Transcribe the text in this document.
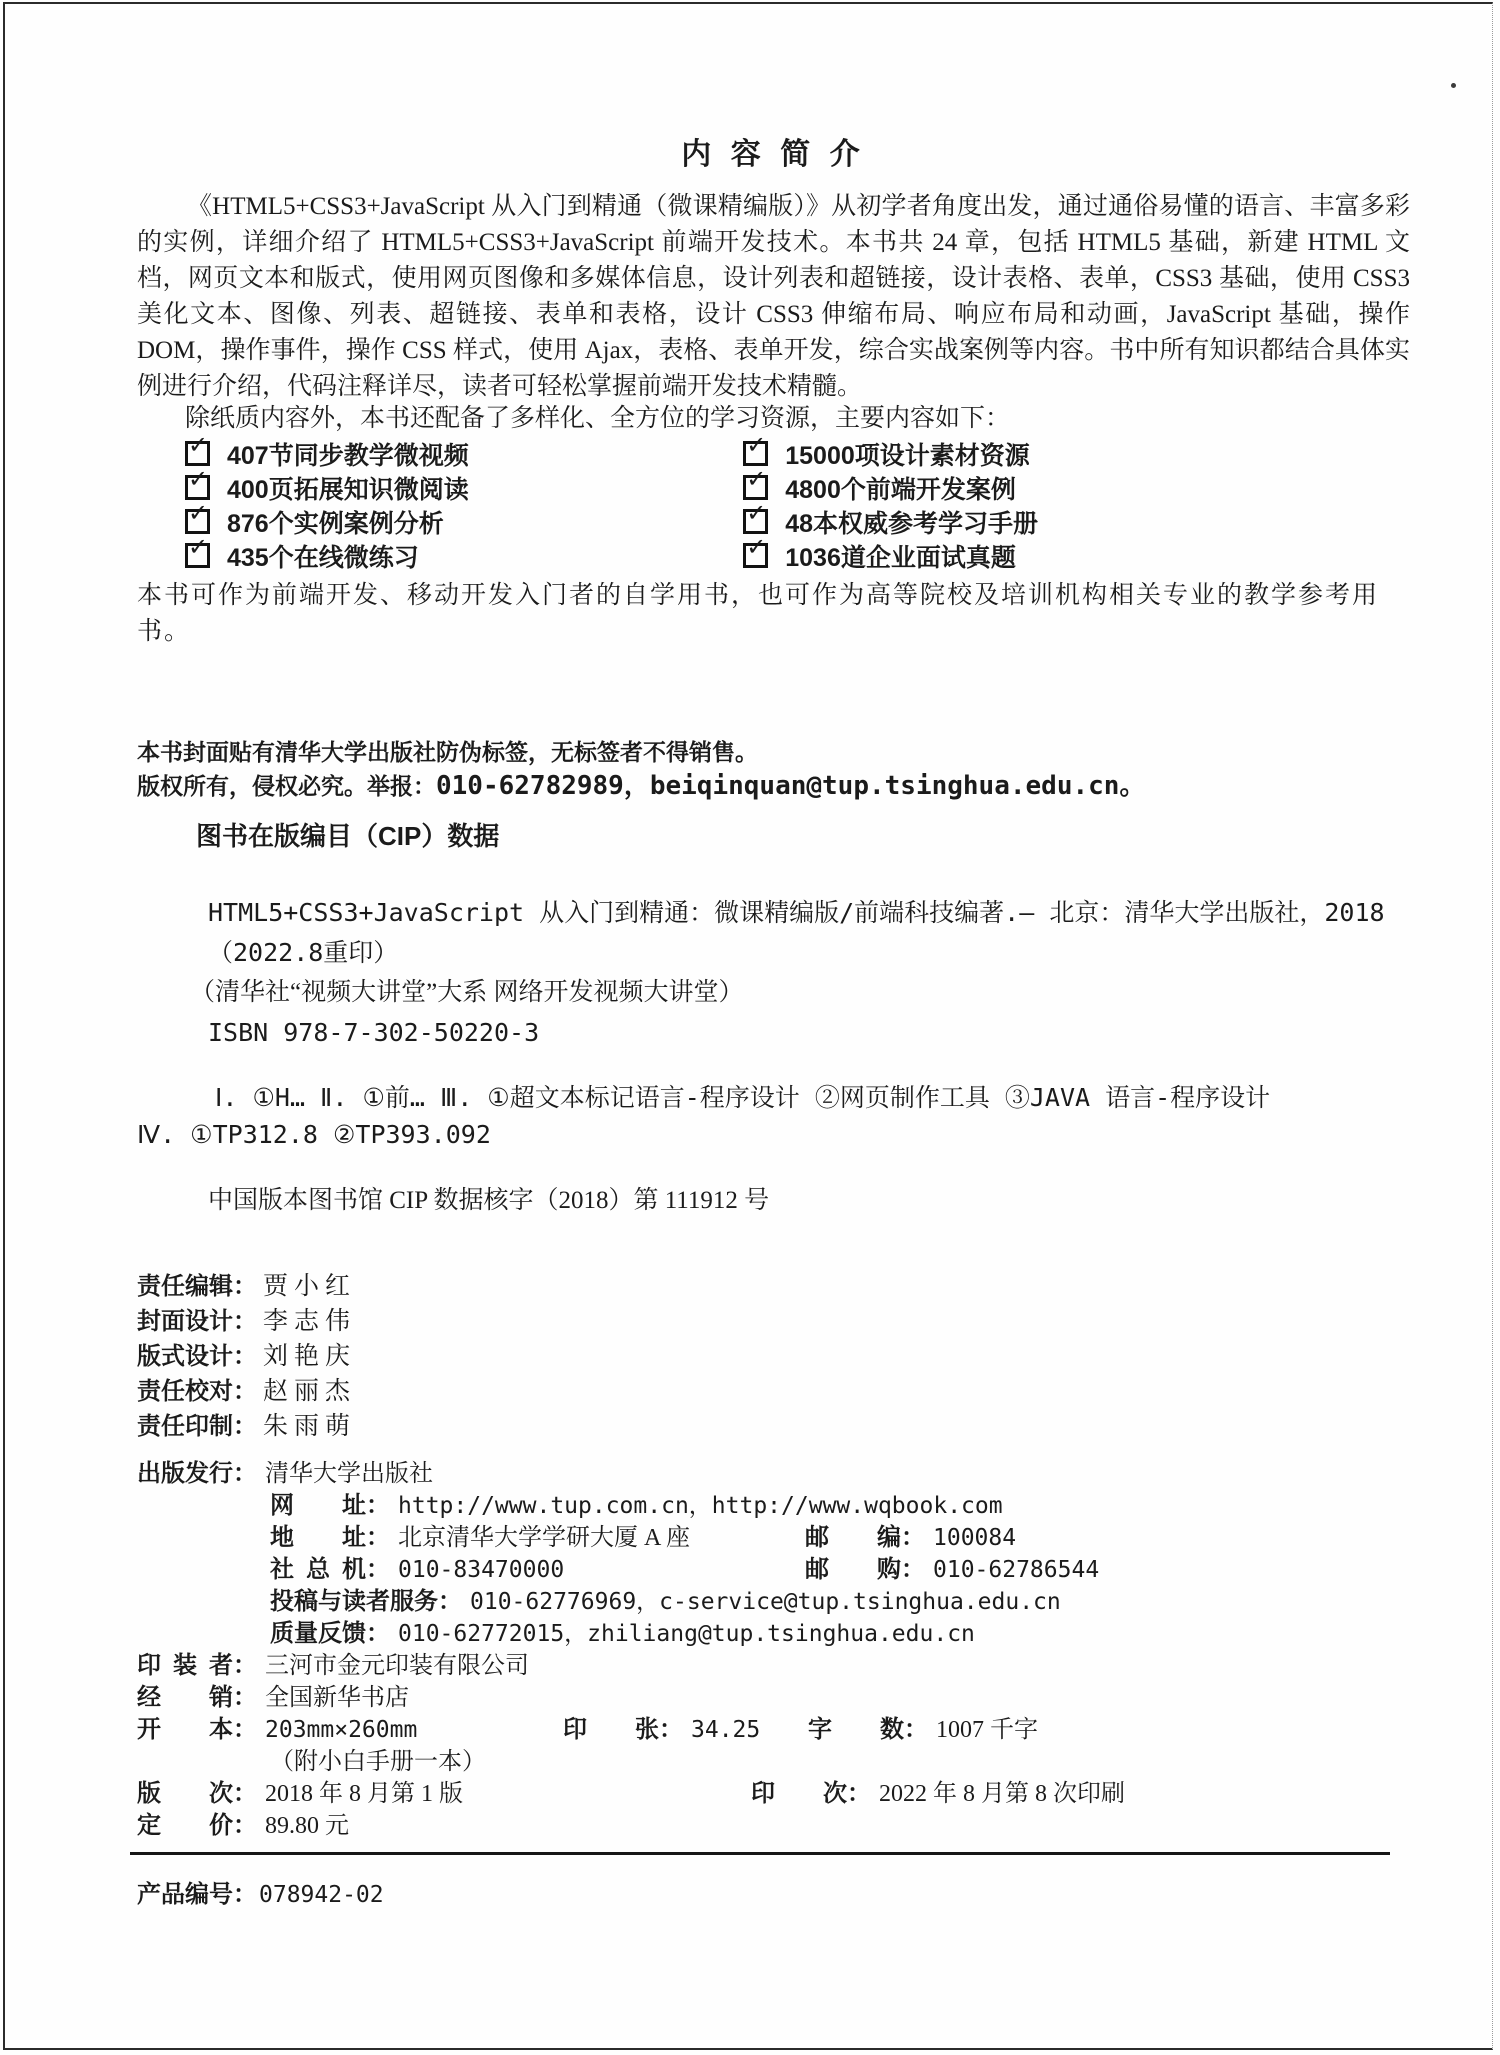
内 容 简 介

《HTML5+CSS3+JavaScript 从入门到精通（微课精编版）》从初学者角度出发，通过通俗易懂的语言、丰富多彩的实例，详细介绍了 HTML5+CSS3+JavaScript 前端开发技术。本书共 24 章，包括 HTML5 基础，新建 HTML 文档，网页文本和版式，使用网页图像和多媒体信息，设计列表和超链接，设计表格、表单，CSS3 基础，使用 CSS3 美化文本、图像、列表、超链接、表单和表格，设计 CSS3 伸缩布局、响应布局和动画，JavaScript 基础，操作 DOM，操作事件，操作 CSS 样式，使用 Ajax，表格、表单开发，综合实战案例等内容。书中所有知识都结合具体实例进行介绍，代码注释详尽，读者可轻松掌握前端开发技术精髓。

除纸质内容外，本书还配备了多样化、全方位的学习资源，主要内容如下：

✓ 407节同步教学微视频	✓ 15000项设计素材资源
✓ 400页拓展知识微阅读	✓ 4800个前端开发案例
✓ 876个实例案例分析	✓ 48本权威参考学习手册
✓ 435个在线微练习	✓ 1036道企业面试真题

本书可作为前端开发、移动开发入门者的自学用书，也可作为高等院校及培训机构相关专业的教学参考用书。

本书封面贴有清华大学出版社防伪标签，无标签者不得销售。
版权所有，侵权必究。举报：010-62782989，beiqinquan@tup.tsinghua.edu.cn。
图书在版编目（CIP）数据
HTML5+CSS3+JavaScript 从入门到精通：微课精编版/前端科技编著.— 北京：清华大学出版社，2018（2022.8重印）
（清华社“视频大讲堂”大系 网络开发视频大讲堂）
ISBN 978-7-302-50220-3
Ⅰ. ①H… Ⅱ. ①前… Ⅲ. ①超文本标记语言-程序设计 ②网页制作工具 ③JAVA 语言-程序设计
Ⅳ. ①TP312.8 ②TP393.092
中国版本图书馆 CIP 数据核字（2018）第 111912 号
责任编辑 ： 贾小红
封面设计 ： 李志伟
版式设计 ： 刘艳庆
责任校对 ： 赵丽杰
责任印制 ： 朱雨萌
出版发行 ： 清华大学出版社
网址 ： http://www.tup.com.cn，http://www.wqbook.com
地址 ： 北京清华大学学研大厦 A 座	邮编 ： 100084
社总机 ： 010-83470000	邮购 ： 010-62786544
投稿与读者服务 ： 010-62776969，c-service@tup.tsinghua.edu.cn
质量反馈 ： 010-62772015，zhiliang@tup.tsinghua.edu.cn
印装者 ： 三河市金元印装有限公司
经销 ： 全国新华书店
开本 ： 203mm×260mm	印张 ： 34.25 字数 ： 1007 千字
（附小白手册一本）
版次 ： 2018 年 8 月第 1 版	印次 ： 2022 年 8 月第 8 次印刷
定价 ： 89.80 元
产品编号 ： 078942-02
